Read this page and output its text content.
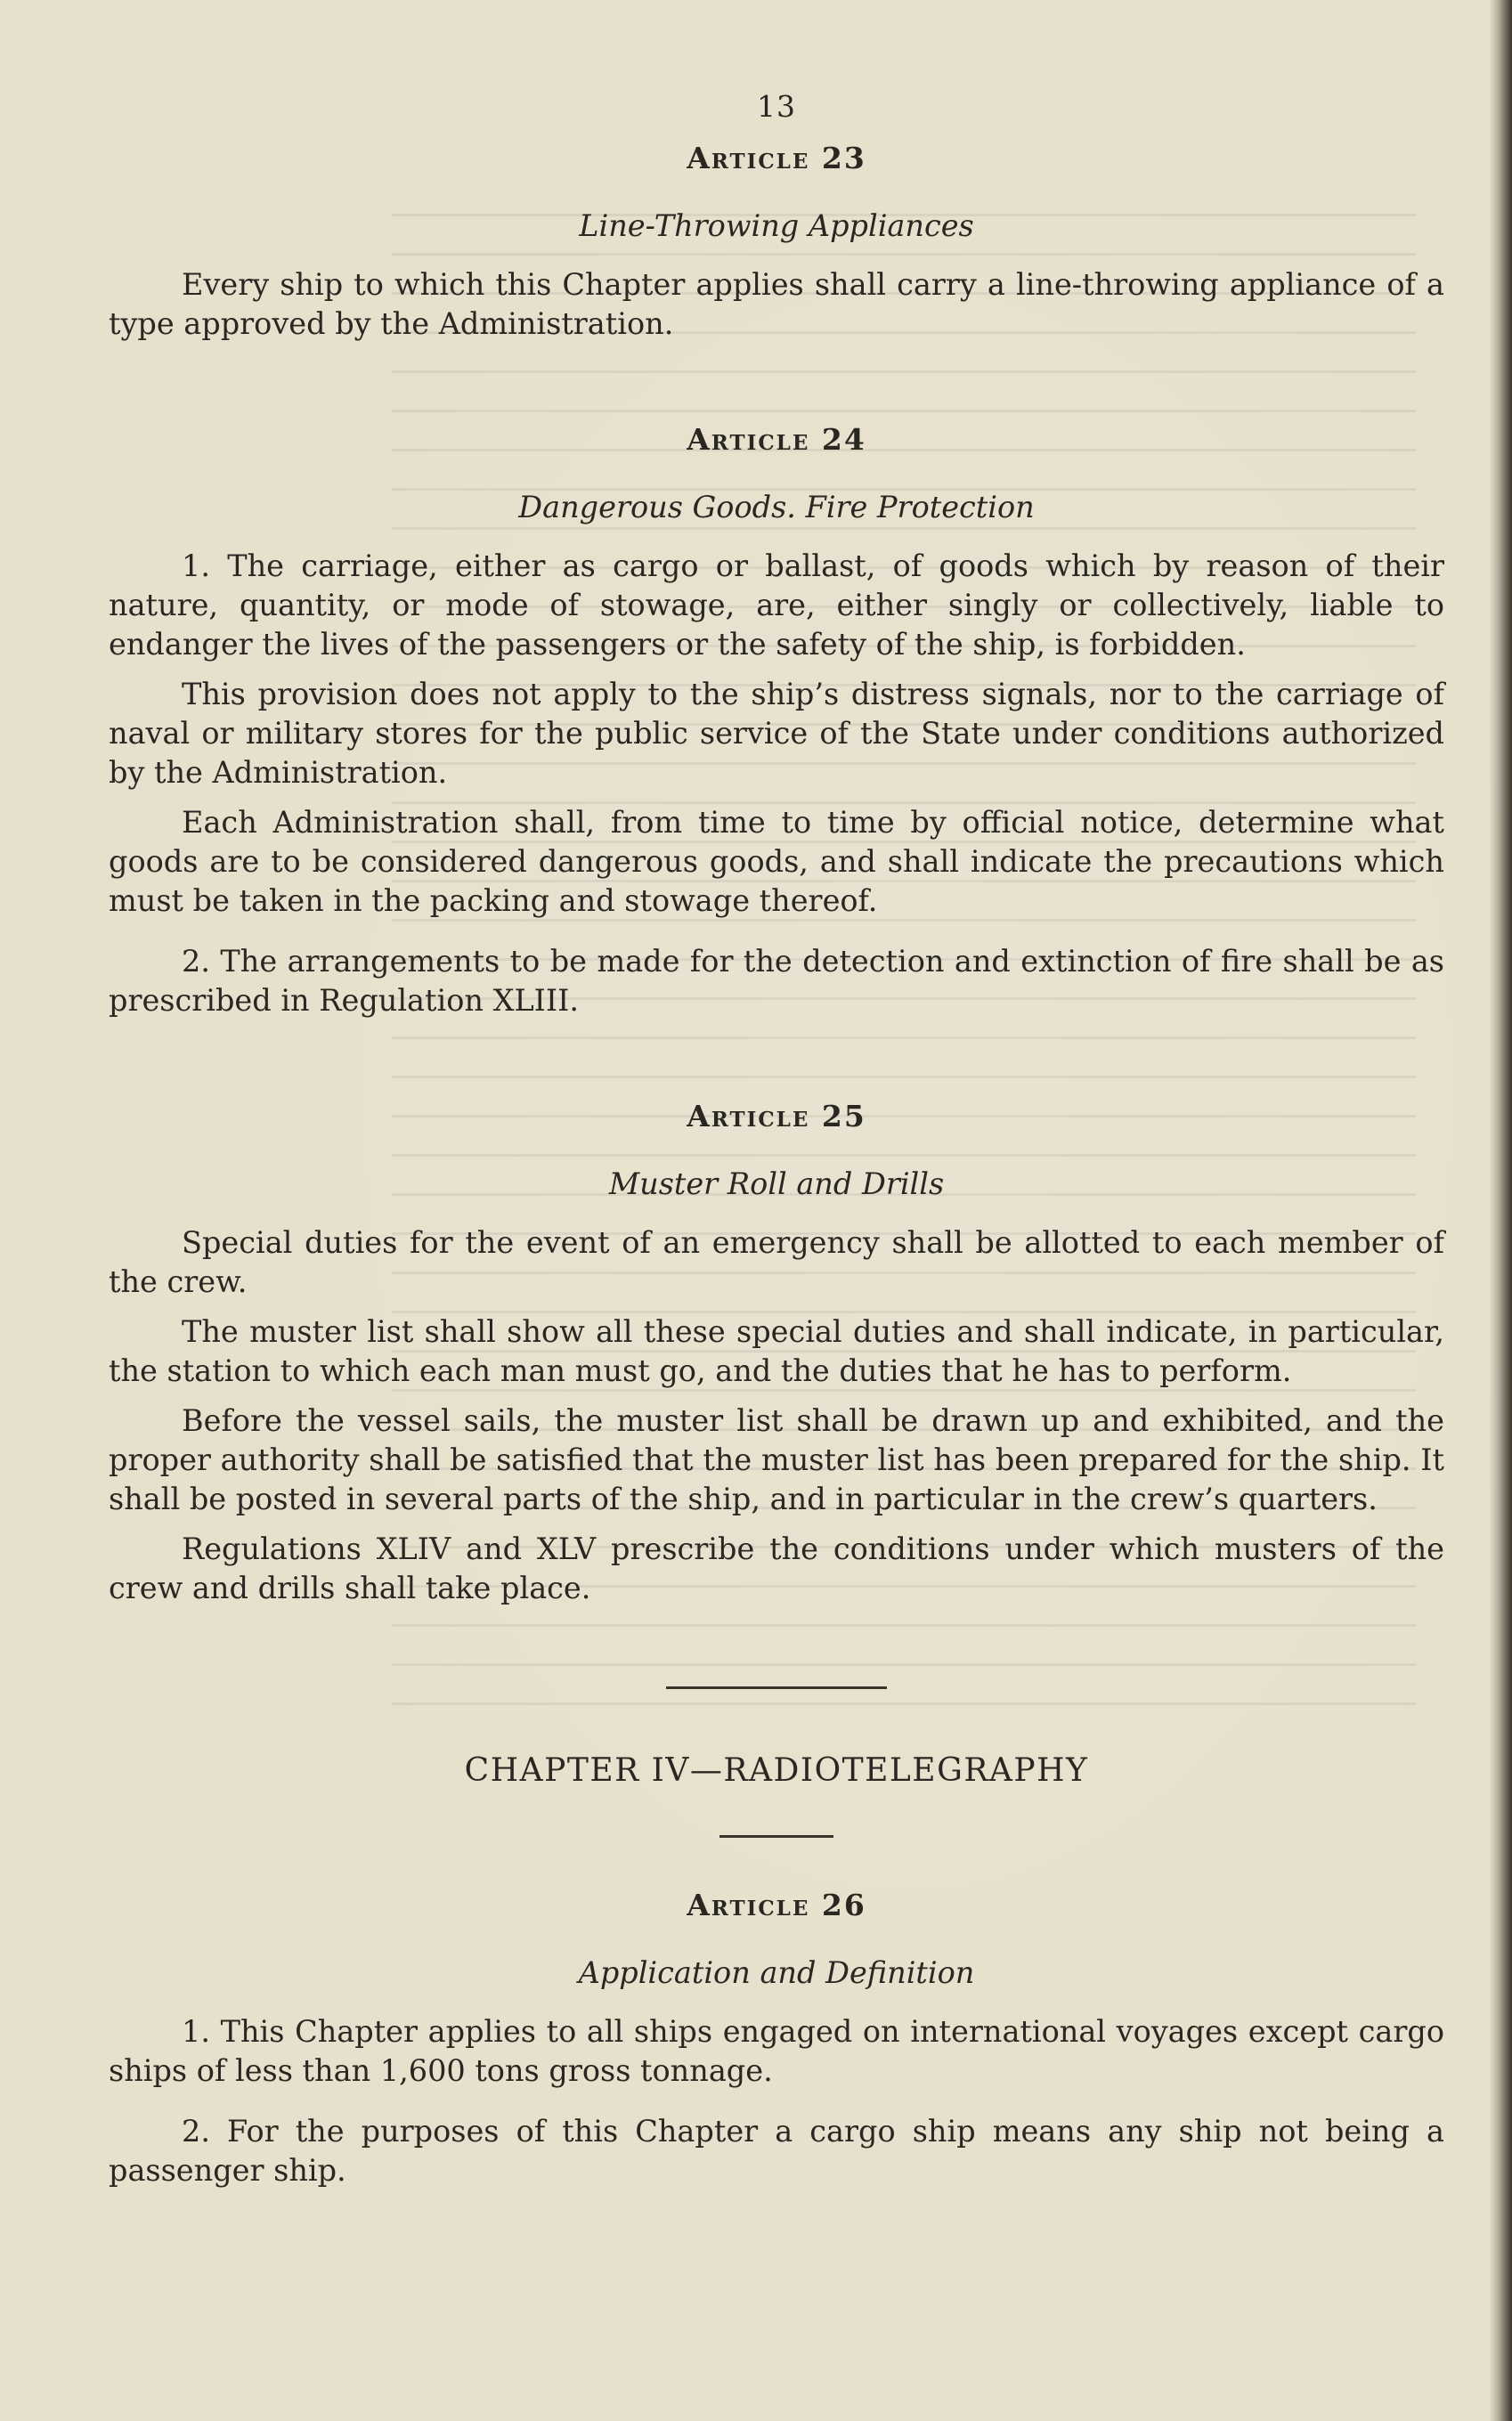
13
Article 23
Line-Throwing Appliances

Every ship to which this Chapter applies shall carry a line-throwing appliance of a type approved by the Administration.

Article 24
Dangerous Goods. Fire Protection

1. The carriage, either as cargo or ballast, of goods which by reason of their nature, quantity, or mode of stowage, are, either singly or collectively, liable to endanger the lives of the passengers or the safety of the ship, is forbidden.

This provision does not apply to the ship’s distress signals, nor to the carriage of naval or military stores for the public service of the State under conditions authorized by the Administration.

Each Administration shall, from time to time by official notice, determine what goods are to be considered dangerous goods, and shall indicate the precautions which must be taken in the packing and stowage thereof.

2. The arrangements to be made for the detection and extinction of fire shall be as prescribed in Regulation XLIII.

Article 25
Muster Roll and Drills

Special duties for the event of an emergency shall be allotted to each member of the crew.

The muster list shall show all these special duties and shall indicate, in particular, the station to which each man must go, and the duties that he has to perform.

Before the vessel sails, the muster list shall be drawn up and exhibited, and the proper authority shall be satisfied that the muster list has been prepared for the ship. It shall be posted in several parts of the ship, and in particular in the crew’s quarters.

Regulations XLIV and XLV prescribe the conditions under which musters of the crew and drills shall take place.

CHAPTER IV—RADIOTELEGRAPHY
Article 26
Application and Definition

1. This Chapter applies to all ships engaged on international voyages except cargo ships of less than 1,600 tons gross tonnage.

2. For the purposes of this Chapter a cargo ship means any ship not being a passenger ship.
